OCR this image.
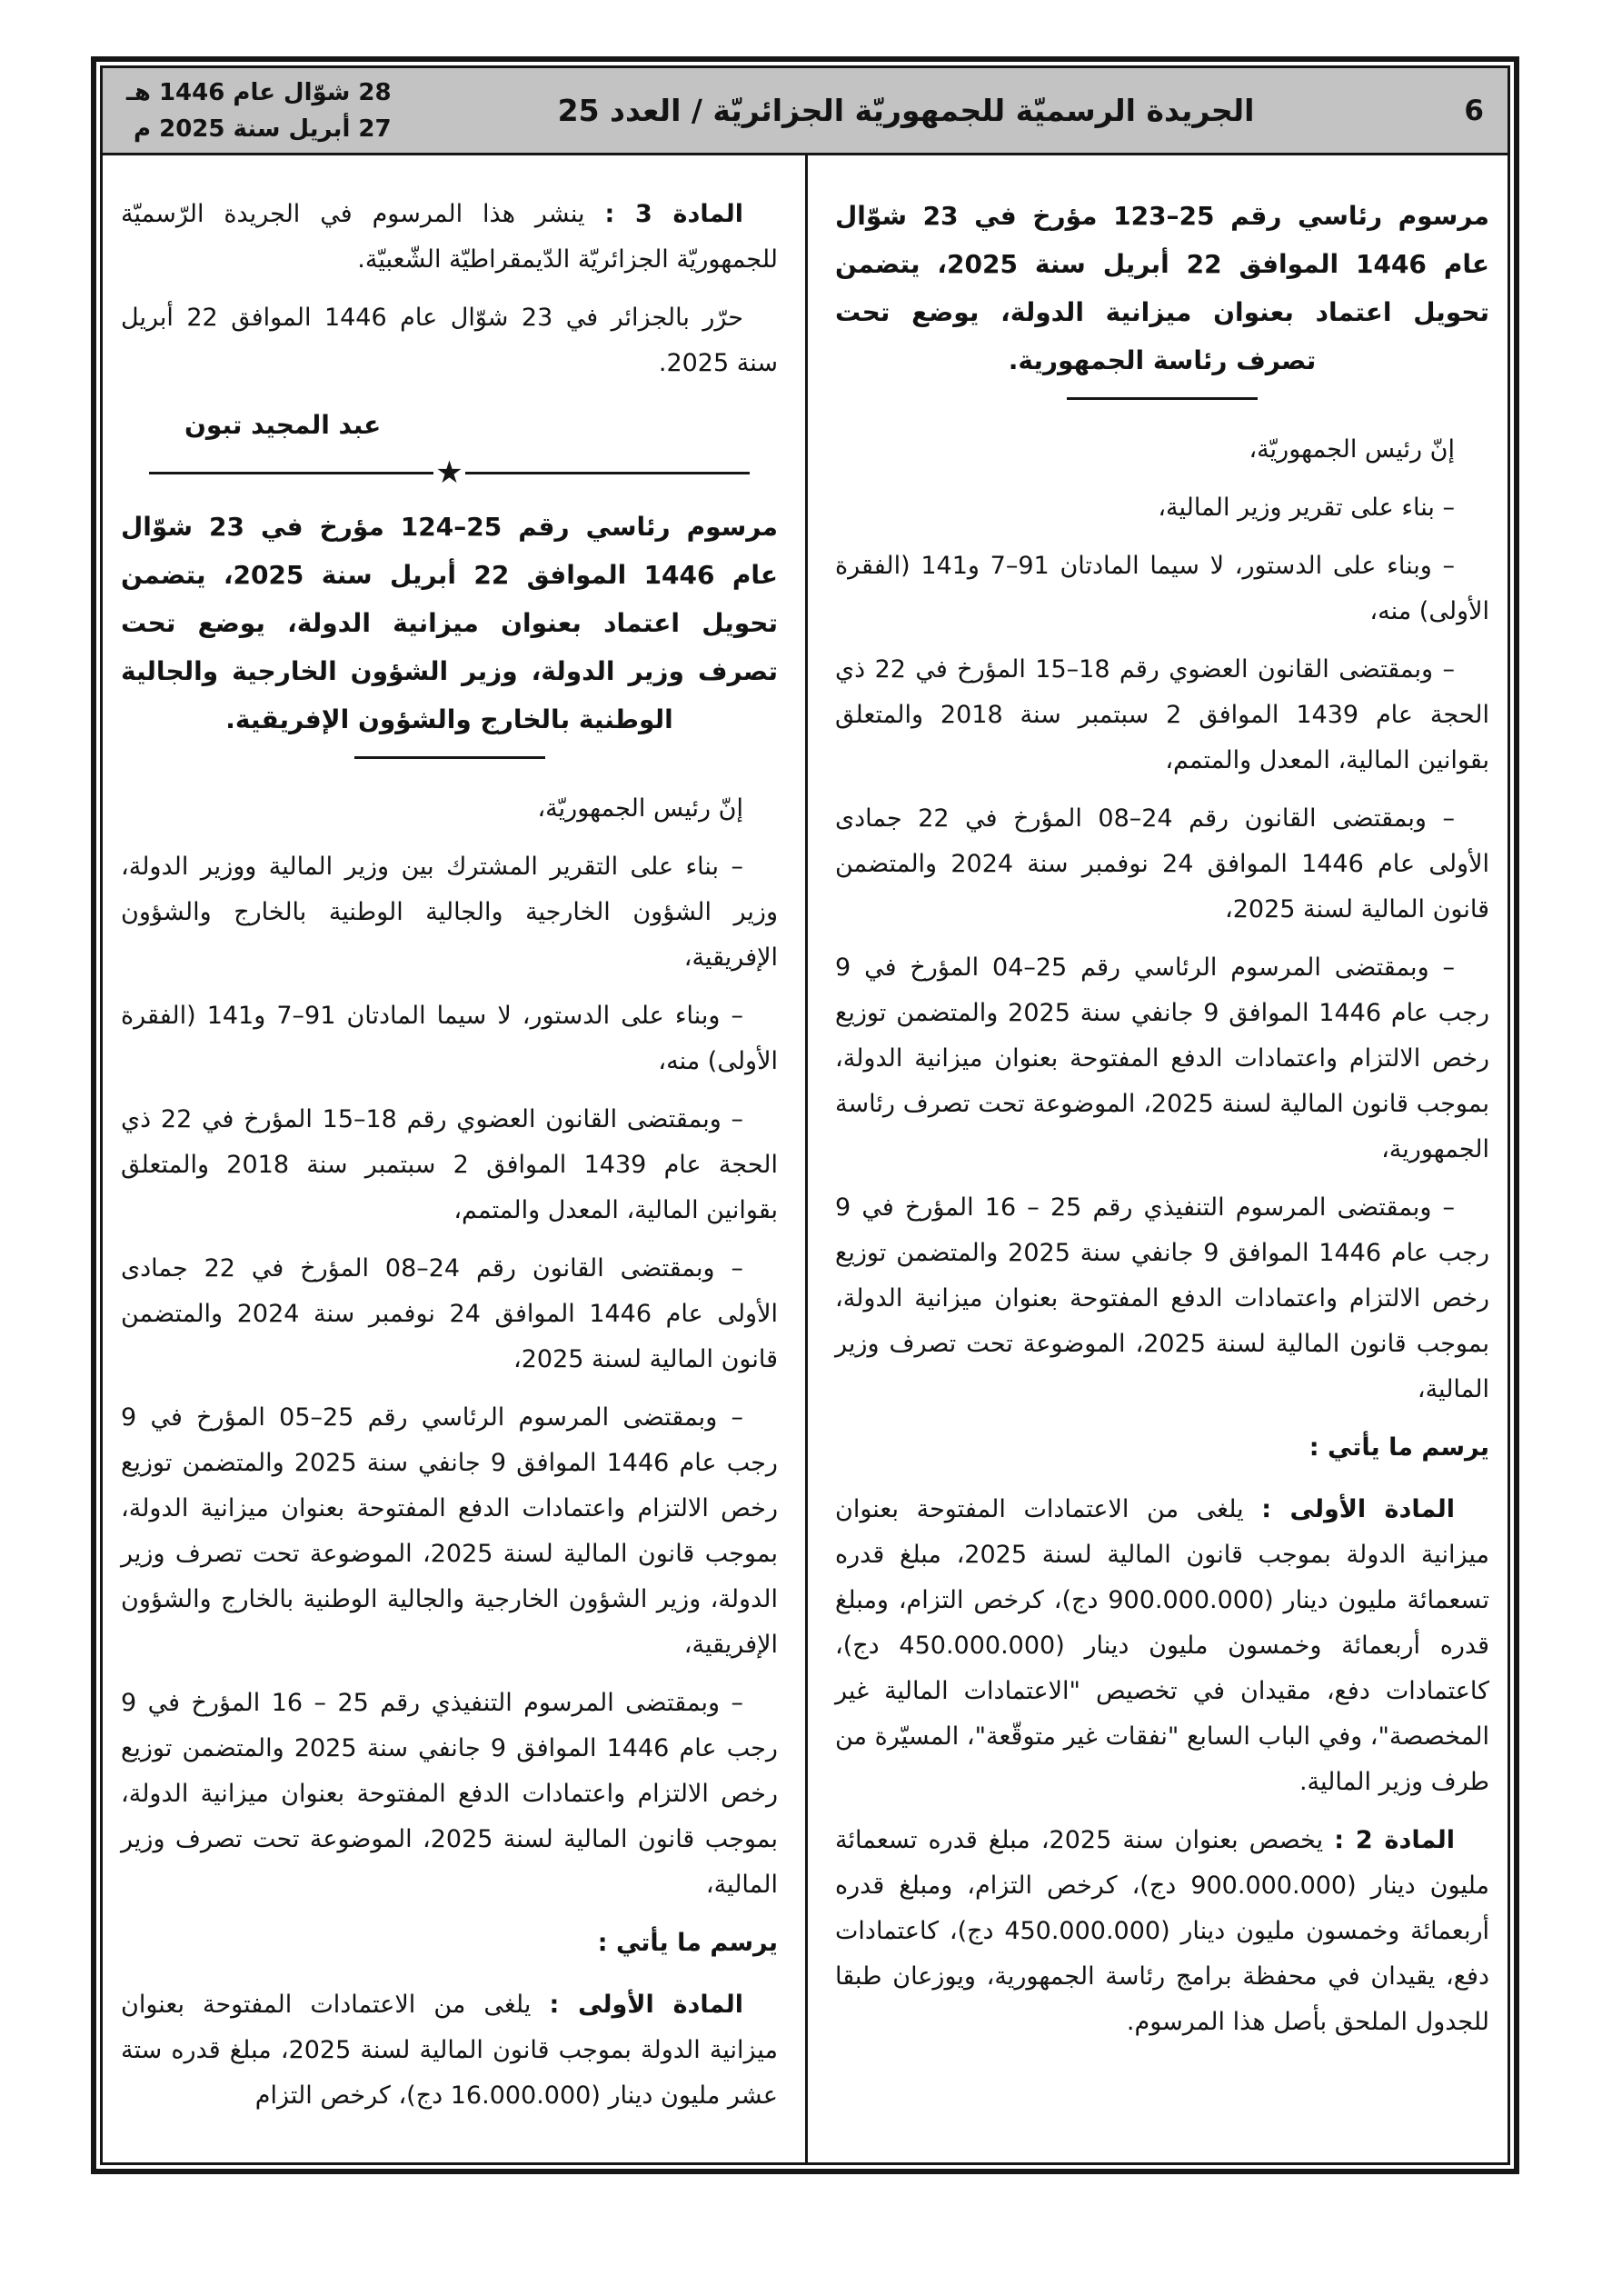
28 شوّال عام 1446 هـ
27 أبريل سنة 2025 م
الجريدة الرسميّة للجمهوريّة الجزائريّة / العدد 25	6

مرسوم رئاسي رقم 25–123 مؤرخ في 23 شوّال عام 1446 الموافق 22 أبريل سنة 2025، يتضمن تحويل اعتماد بعنوان ميزانية الدولة، يوضع تحت تصرف رئاسة الجمهورية.

إنّ رئيس الجمهوريّة،

– بناء على تقرير وزير المالية،

– وبناء على الدستور، لا سيما المادتان 91–7 و141 (الفقرة الأولى) منه،

– وبمقتضى القانون العضوي رقم 18–15 المؤرخ في 22 ذي الحجة عام 1439 الموافق 2 سبتمبر سنة 2018 والمتعلق بقوانين المالية، المعدل والمتمم،

– وبمقتضى القانون رقم 24–08 المؤرخ في 22 جمادى الأولى عام 1446 الموافق 24 نوفمبر سنة 2024 والمتضمن قانون المالية لسنة 2025،

– وبمقتضى المرسوم الرئاسي رقم 25–04 المؤرخ في 9 رجب عام 1446 الموافق 9 جانفي سنة 2025 والمتضمن توزيع رخص الالتزام واعتمادات الدفع المفتوحة بعنوان ميزانية الدولة، بموجب قانون المالية لسنة 2025، الموضوعة تحت تصرف رئاسة الجمهورية،

– وبمقتضى المرسوم التنفيذي رقم 25 – 16 المؤرخ في 9 رجب عام 1446 الموافق 9 جانفي سنة 2025 والمتضمن توزيع رخص الالتزام واعتمادات الدفع المفتوحة بعنوان ميزانية الدولة، بموجب قانون المالية لسنة 2025، الموضوعة تحت تصرف وزير المالية،

يرسم ما يأتي :

المادة الأولى : يلغى من الاعتمادات المفتوحة بعنوان ميزانية الدولة بموجب قانون المالية لسنة 2025، مبلغ قدره تسعمائة مليون دينار (900.000.000 دج)، كرخص التزام، ومبلغ قدره أربعمائة وخمسون مليون دينار (450.000.000 دج)، كاعتمادات دفع، مقيدان في تخصيص "الاعتمادات المالية غير المخصصة"، وفي الباب السابع "نفقات غير متوقّعة"، المسيّرة من طرف وزير المالية.

المادة 2 : يخصص بعنوان سنة 2025، مبلغ قدره تسعمائة مليون دينار (900.000.000 دج)، كرخص التزام، ومبلغ قدره أربعمائة وخمسون مليون دينار (450.000.000 دج)، كاعتمادات دفع، يقيدان في محفظة برامج رئاسة الجمهورية، ويوزعان طبقا للجدول الملحق بأصل هذا المرسوم.

المادة 3 : ينشر هذا المرسوم في الجريدة الرّسميّة للجمهوريّة الجزائريّة الدّيمقراطيّة الشّعبيّة.

حرّر بالجزائر في 23 شوّال عام 1446 الموافق 22 أبريل سنة 2025.

عبد المجيد تبون

★

مرسوم رئاسي رقم 25–124 مؤرخ في 23 شوّال عام 1446 الموافق 22 أبريل سنة 2025، يتضمن تحويل اعتماد بعنوان ميزانية الدولة، يوضع تحت تصرف وزير الدولة، وزير الشؤون الخارجية والجالية الوطنية بالخارج والشؤون الإفريقية.

إنّ رئيس الجمهوريّة،

– بناء على التقرير المشترك بين وزير المالية ووزير الدولة، وزير الشؤون الخارجية والجالية الوطنية بالخارج والشؤون الإفريقية،

– وبناء على الدستور، لا سيما المادتان 91–7 و141 (الفقرة الأولى) منه،

– وبمقتضى القانون العضوي رقم 18–15 المؤرخ في 22 ذي الحجة عام 1439 الموافق 2 سبتمبر سنة 2018 والمتعلق بقوانين المالية، المعدل والمتمم،

– وبمقتضى القانون رقم 24–08 المؤرخ في 22 جمادى الأولى عام 1446 الموافق 24 نوفمبر سنة 2024 والمتضمن قانون المالية لسنة 2025،

– وبمقتضى المرسوم الرئاسي رقم 25–05 المؤرخ في 9 رجب عام 1446 الموافق 9 جانفي سنة 2025 والمتضمن توزيع رخص الالتزام واعتمادات الدفع المفتوحة بعنوان ميزانية الدولة، بموجب قانون المالية لسنة 2025، الموضوعة تحت تصرف وزير الدولة، وزير الشؤون الخارجية والجالية الوطنية بالخارج والشؤون الإفريقية،

– وبمقتضى المرسوم التنفيذي رقم 25 – 16 المؤرخ في 9 رجب عام 1446 الموافق 9 جانفي سنة 2025 والمتضمن توزيع رخص الالتزام واعتمادات الدفع المفتوحة بعنوان ميزانية الدولة، بموجب قانون المالية لسنة 2025، الموضوعة تحت تصرف وزير المالية،

يرسم ما يأتي :

المادة الأولى : يلغى من الاعتمادات المفتوحة بعنوان ميزانية الدولة بموجب قانون المالية لسنة 2025، مبلغ قدره ستة عشر مليون دينار (16.000.000 دج)، كرخص التزام
